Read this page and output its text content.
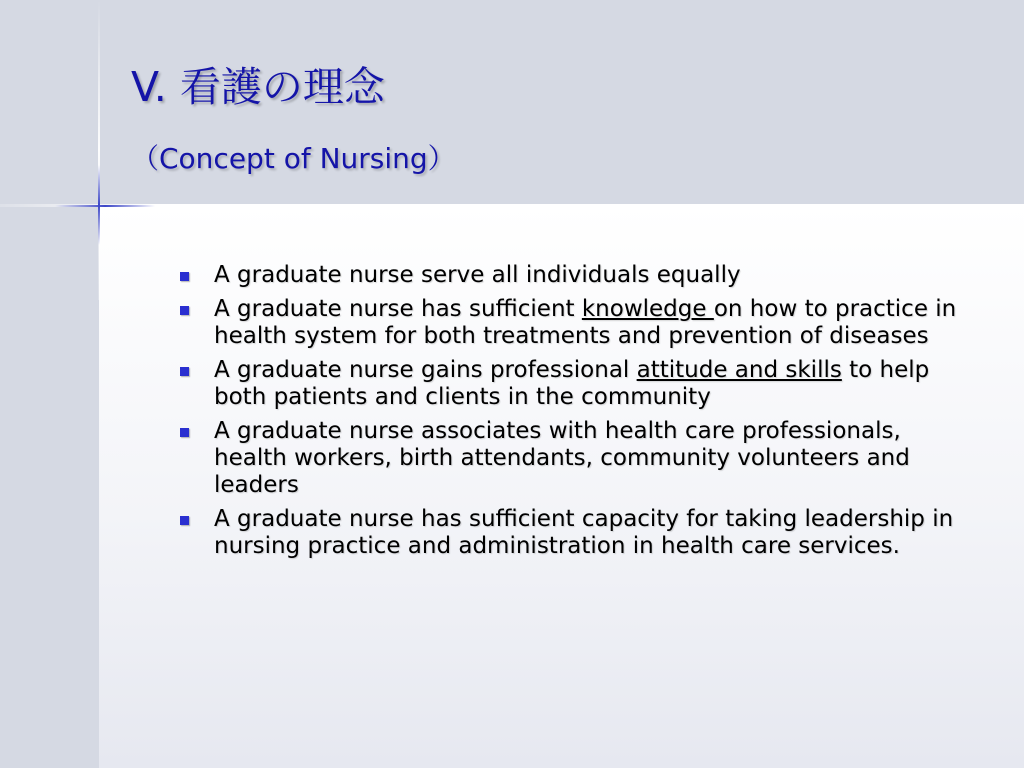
V. 看護の理念
（Concept of Nursing）
A graduate nurse serve all individuals equally
A graduate nurse has sufficient knowledge on how to practice in health system for both treatments and prevention of diseases
A graduate nurse gains professional attitude and skills to help both patients and clients in the community
A graduate nurse associates with health care professionals, health workers, birth attendants, community volunteers and leaders
A graduate nurse has sufficient capacity for taking leadership in nursing practice and administration in health care services.
